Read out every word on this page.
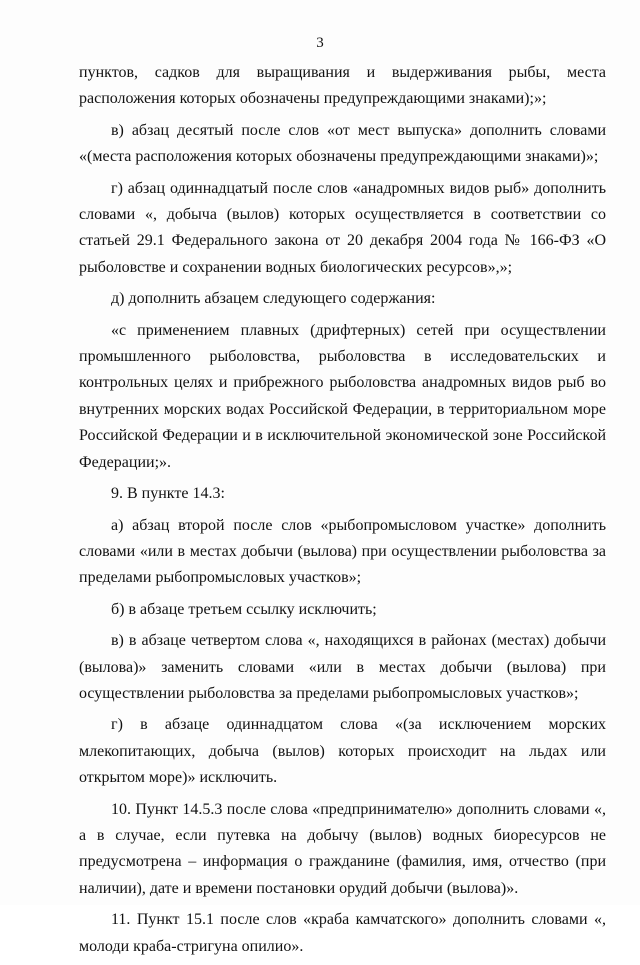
3

пунктов, садков для выращивания и выдерживания рыбы, места расположения которых обозначены предупреждающими знаками);»;

в) абзац десятый после слов «от мест выпуска» дополнить словами «(места расположения которых обозначены предупреждающими знаками)»;

г) абзац одиннадцатый после слов «анадромных видов рыб» дополнить словами «, добыча (вылов) которых осуществляется в соответствии со статьей 29.1 Федерального закона от 20 декабря 2004 года № 166-ФЗ «О рыболовстве и сохранении водных биологических ресурсов»,»;

д) дополнить абзацем следующего содержания:

«с применением плавных (дрифтерных) сетей при осуществлении промышленного рыболовства, рыболовства в исследовательских и контрольных целях и прибрежного рыболовства анадромных видов рыб во внутренних морских водах Российской Федерации, в территориальном море Российской Федерации и в исключительной экономической зоне Российской Федерации;».

9. В пункте 14.3:

а) абзац второй после слов «рыбопромысловом участке» дополнить словами «или в местах добычи (вылова) при осуществлении рыболовства за пределами рыбопромысловых участков»;

б) в абзаце третьем ссылку исключить;

в) в абзаце четвертом слова «, находящихся в районах (местах) добычи (вылова)» заменить словами «или в местах добычи (вылова) при осуществлении рыболовства за пределами рыбопромысловых участков»;

г) в абзаце одиннадцатом слова «(за исключением морских млекопитающих, добыча (вылов) которых происходит на льдах или открытом море)» исключить.

10. Пункт 14.5.3 после слова «предпринимателю» дополнить словами «, а в случае, если путевка на добычу (вылов) водных биоресурсов не предусмотрена – информация о гражданине (фамилия, имя, отчество (при наличии), дате и времени постановки орудий добычи (вылова)».

11. Пункт 15.1 после слов «краба камчатского» дополнить словами «, молоди краба-стригуна опилио».
